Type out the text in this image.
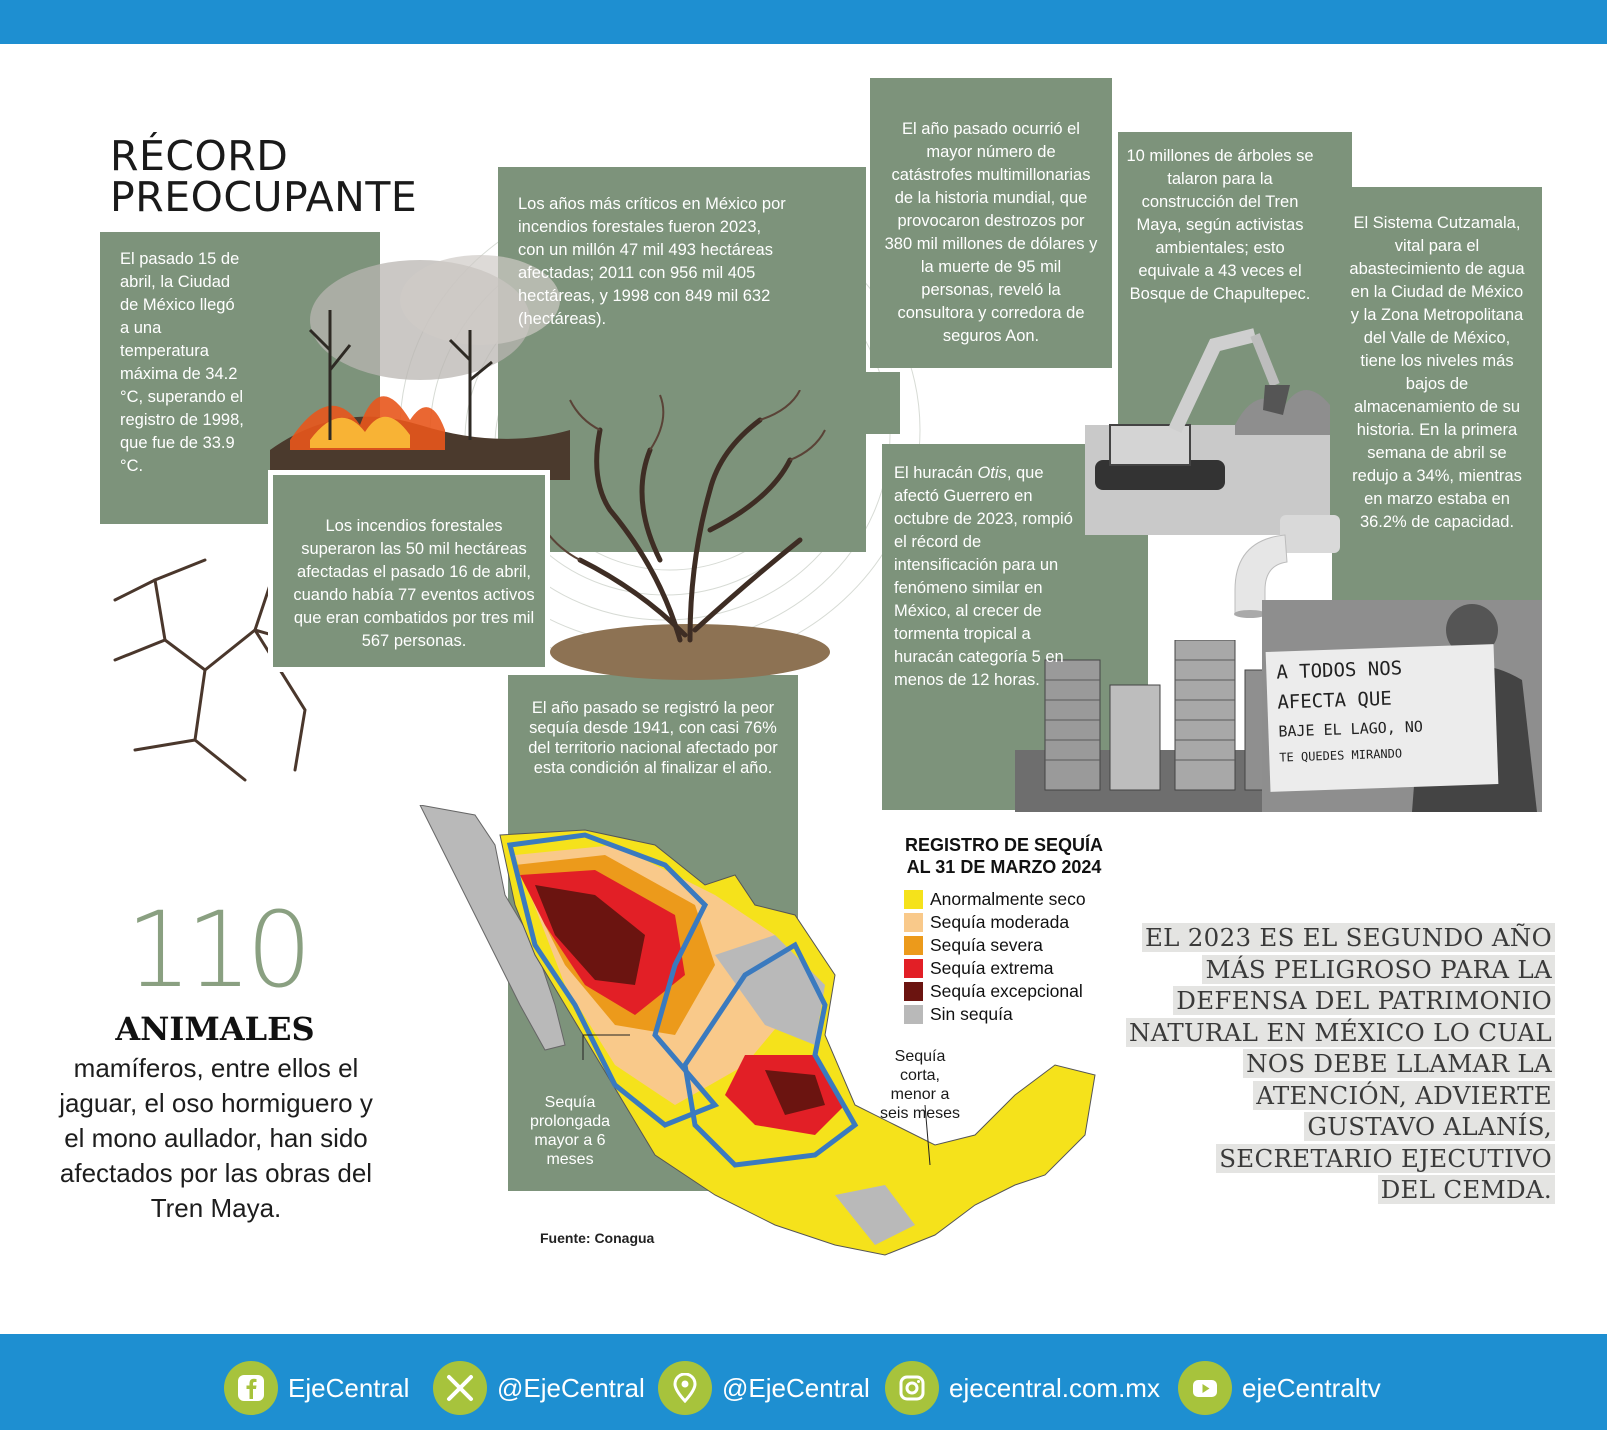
RÉCORD
PREOCUPANTE
A TODOS NOS
AFECTA QUE
BAJE EL LAGO, NO
TE QUEDES MIRANDO
El pasado 15 de abril, la Ciudad de México llegó a una temperatura máxima de 34.2 °C, superando el registro de 1998, que fue de 33.9 °C.
Los años más críticos en México por incendios forestales fueron 2023, con un millón 47 mil 493 hectáreas afectadas; 2011 con 956 mil 405 hectáreas, y 1998 con 849 mil 632 (hectáreas).
El año pasado ocurrió el mayor número de catástrofes multimillonarias de la historia mundial, que provocaron destrozos por 380 mil millones de dólares y la muerte de 95 mil personas, reveló la consultora y corredora de seguros Aon.
10 millones de árboles se talaron para la construcción del Tren Maya, según activistas ambientales; esto equivale a 43 veces el Bosque de Chapultepec.
El Sistema Cutzamala, vital para el abastecimiento de agua en la Ciudad de México y la Zona Metropolitana del Valle de México, tiene los niveles más bajos de almacenamiento de su historia. En la primera semana de abril se redujo a 34%, mientras en marzo estaba en 36.2% de capacidad.
Los incendios forestales superaron las 50 mil hectáreas afectadas el pasado 16 de abril, cuando había 77 eventos activos que eran combatidos por tres mil 567 personas.
El huracán Otis, que afectó Guerrero en octubre de 2023, rompió el récord de intensificación para un fenómeno similar en México, al crecer de tormenta tropical a huracán categoría 5 en menos de 12 horas.
El año pasado se registró la peor sequía desde 1941, con casi 76% del territorio nacional afectado por esta condición al finalizar el año.
Sequía
prolongada
mayor a 6
meses
Sequía
corta,
menor a
seis meses
Fuente: Conagua
REGISTRO DE SEQUÍA
AL 31 DE MARZO 2024
Anormalmente seco
Sequía moderada
Sequía severa
Sequía extrema
Sequía excepcional
Sin sequía
110
ANIMALES
mamíferos, entre ellos el jaguar, el oso hormiguero y el mono aullador, han sido afectados por las obras del Tren Maya.
EL 2023 ES EL SEGUNDO AÑO
MÁS PELIGROSO PARA LA
DEFENSA DEL PATRIMONIO
NATURAL EN MÉXICO LO CUAL
NOS DEBE LLAMAR LA
ATENCIÓN, ADVIERTE
GUSTAVO ALANÍS,
SECRETARIO EJECUTIVO
DEL CEMDA.
EjeCentral	@EjeCentral	@EjeCentral	ejecentral.com.mx	ejeCentraltv
